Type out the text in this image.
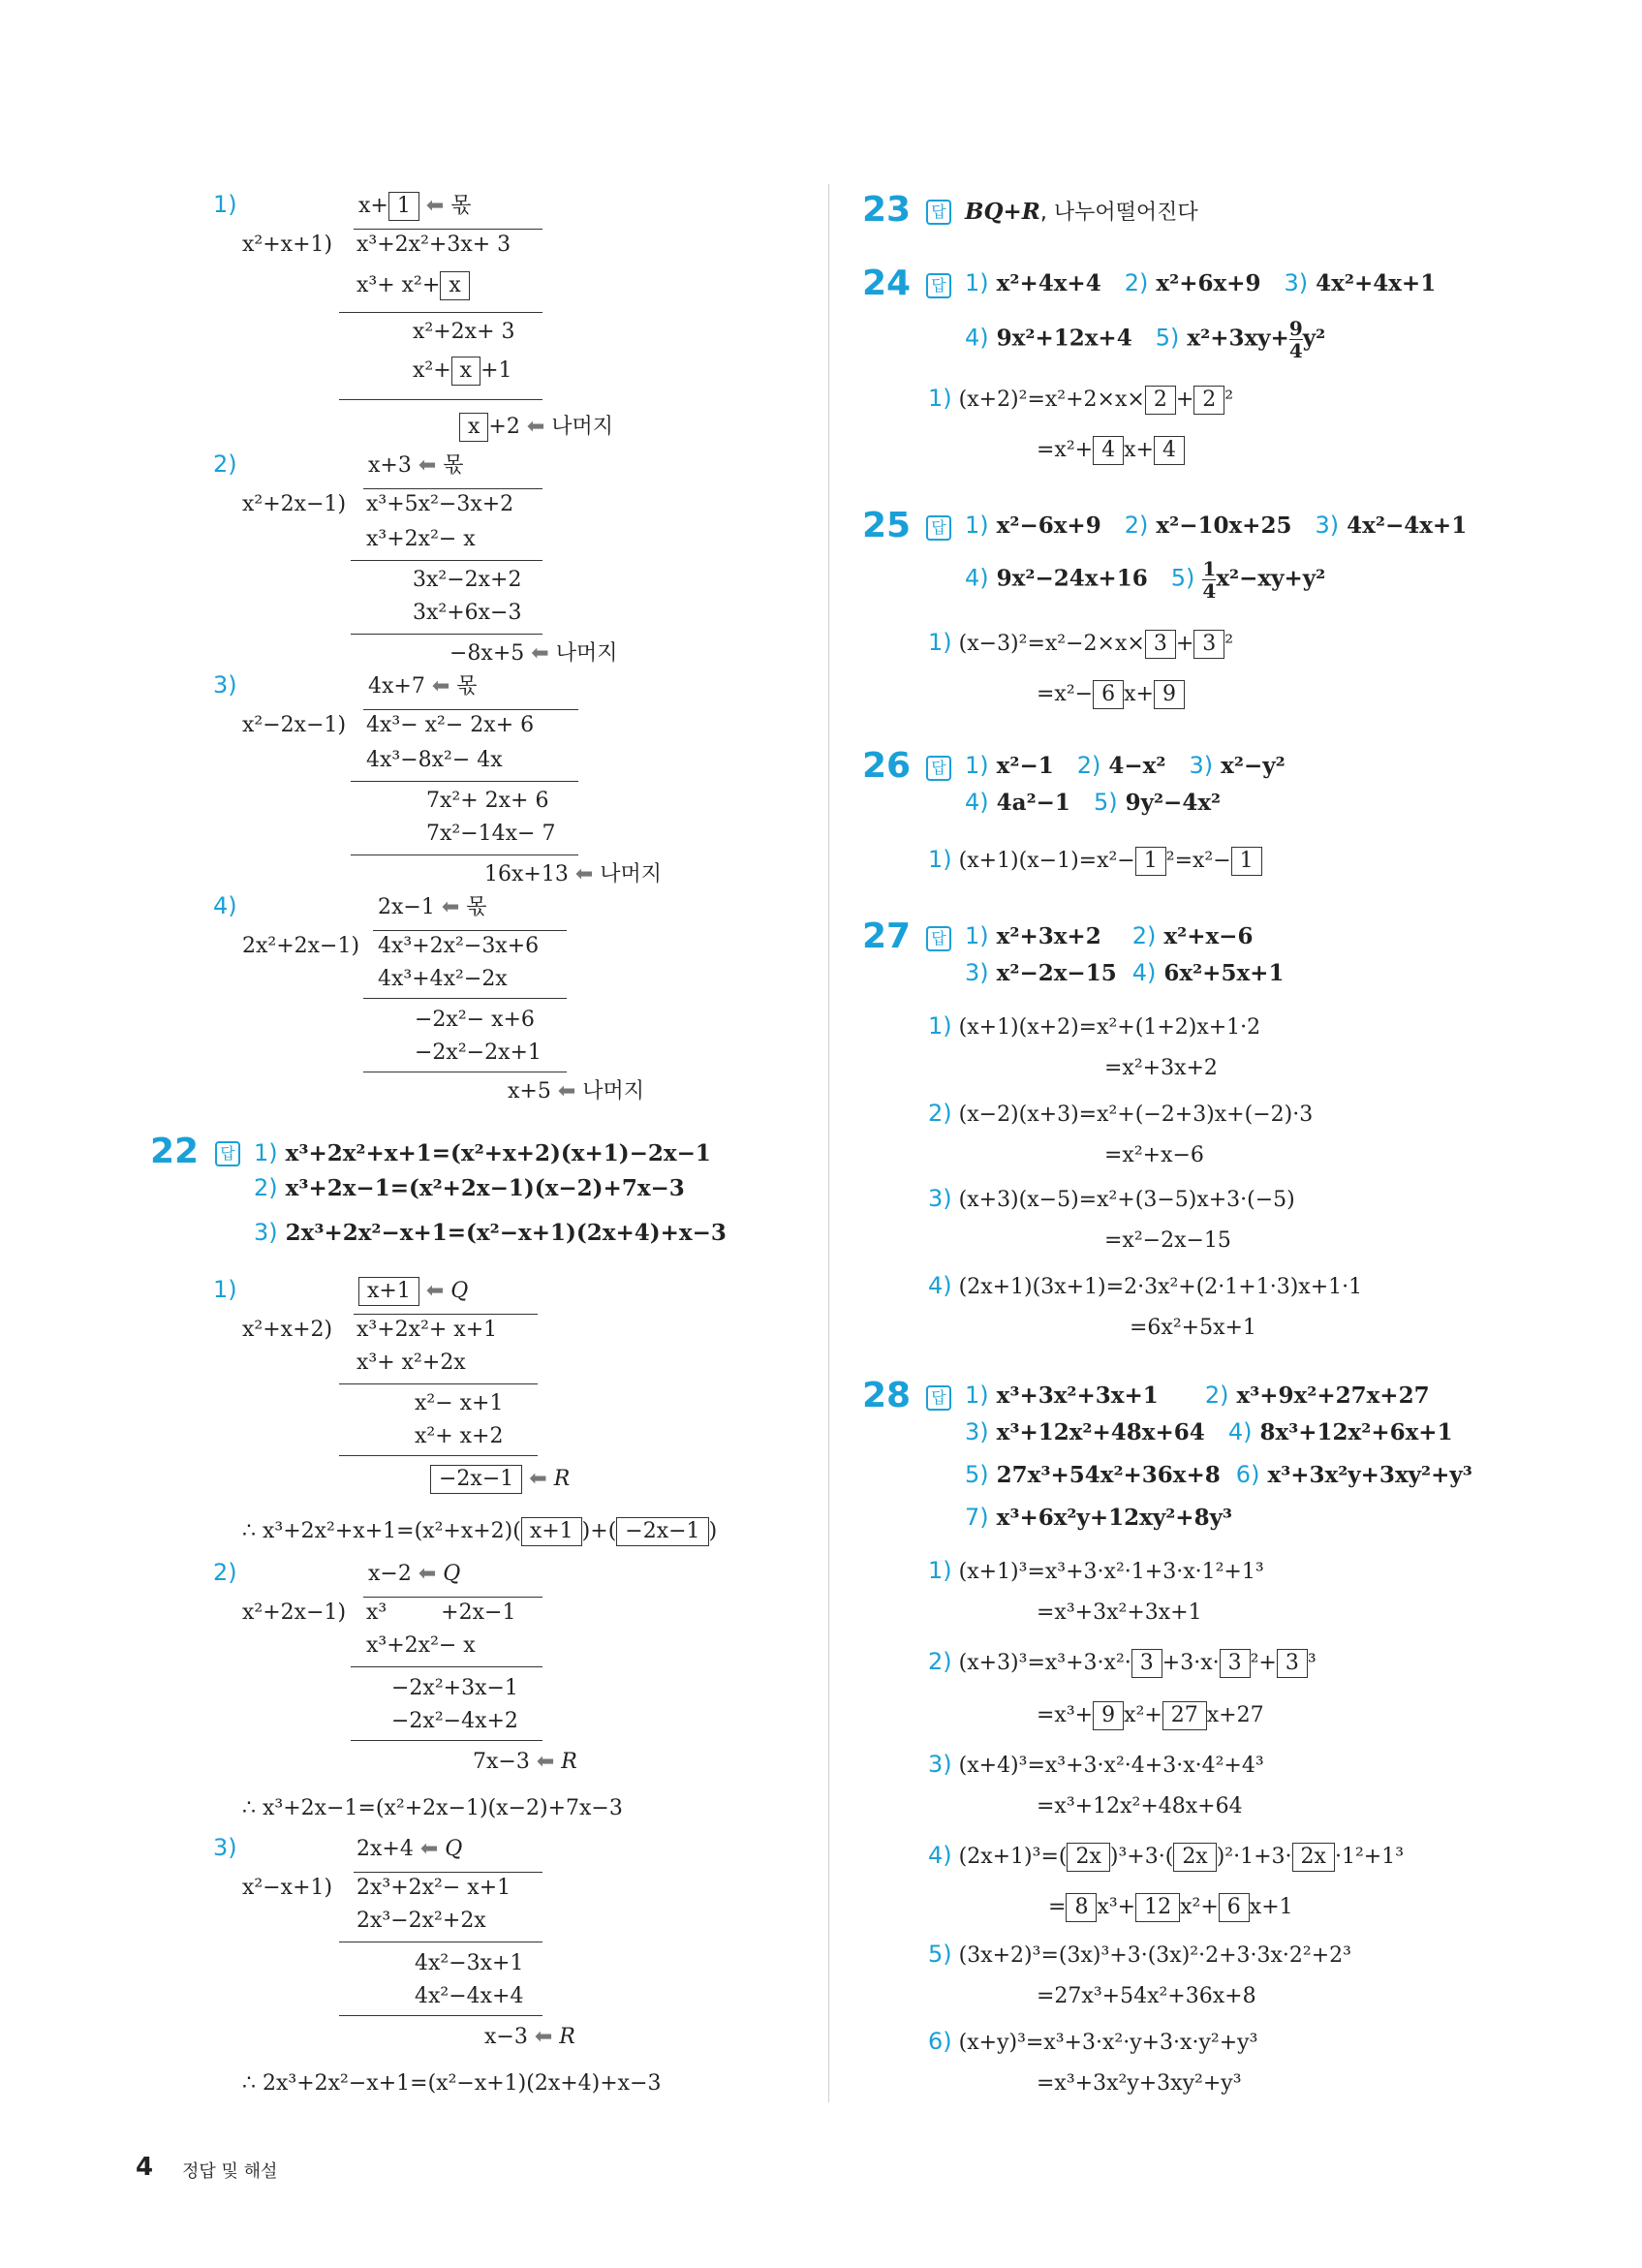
1)	x+ 1 ⬅ 몫
x²+x+1) x³+2x²+3x+ 3
x³+ x²+ x
x²+2x+ 3
x²+ x +1
x +2 ⬅ 나머지
2)	x+3 ⬅ 몫
x²+2x−1) x³+5x²−3x+2
x³+2x²− x
3x²−2x+2
3x²+6x−3
−8x+5 ⬅ 나머지
3)	4x+7 ⬅ 몫
x²−2x−1) 4x³− x²− 2x+ 6
4x³−8x²− 4x
7x²+ 2x+ 6
7x²−14x− 7
16x+13 ⬅ 나머지
4)	2x−1 ⬅ 몫
2x²+2x−1) 4x³+2x²−3x+6
4x³+4x²−2x
−2x²− x+6
−2x²−2x+1
x+5 ⬅ 나머지
22	답 1) x³+2x²+x+1=(x²+x+2)(x+1)−2x−1
2) x³+2x−1=(x²+2x−1)(x−2)+7x−3
3) 2x³+2x²−x+1=(x²−x+1)(2x+4)+x−3
1)	x+1 ⬅ Q
x²+x+2) x³+2x²+ x+1
x³+ x²+2x
x²− x+1
x²+ x+2
−2x−1 ⬅ R
∴ x³+2x²+x+1=(x²+x+2)( x+1 )+( −2x−1 )
2)	x−2 ⬅ Q
x²+2x−1) x³        +2x−1
x³+2x²− x
−2x²+3x−1
−2x²−4x+2
7x−3 ⬅ R
∴ x³+2x−1=(x²+2x−1)(x−2)+7x−3
3)	2x+4 ⬅ Q
x²−x+1) 2x³+2x²− x+1
2x³−2x²+2x
4x²−3x+1
4x²−4x+4
x−3 ⬅ R
∴ 2x³+2x²−x+1=(x²−x+1)(2x+4)+x−3
23	답 BQ+R, 나누어떨어진다
24	답 1) x²+4x+4 2) x²+6x+9 3) 4x²+4x+1
4) 9x²+12x+4 5) $x^2+3xy+ \frac{9}{4} y^2$
1) (x+2)²=x²+2×x× 2 + 2 ²
=x²+ 4 x+ 4
25	답 1) x²−6x+9 2) x²−10x+25 3) 4x²−4x+1
4) 9x²−24x+16 $5) \frac{1}{4} x^2-xy+y^2$
1) (x−3)²=x²−2×x× 3 + 3 ²
=x²− 6 x+ 9
26	답 1) x²−1 2) 4−x² 3) x²−y²
4) 4a²−1 5) 9y²−4x²
1) (x+1)(x−1)=x²− 1 ²=x²− 1
27	답 1) x²+3x+2 2) x²+x−6
3) x²−2x−15 4) 6x²+5x+1
1) (x+1)(x+2)=x²+(1+2)x+1·2
=x²+3x+2
2) (x−2)(x+3)=x²+(−2+3)x+(−2)·3
=x²+x−6
3) (x+3)(x−5)=x²+(3−5)x+3·(−5)
=x²−2x−15
4) (2x+1)(3x+1)=2·3x²+(2·1+1·3)x+1·1
=6x²+5x+1
28	답 1) x³+3x²+3x+1 2) x³+9x²+27x+27
3) x³+12x²+48x+64 4) 8x³+12x²+6x+1
5) 27x³+54x²+36x+8 6) x³+3x²y+3xy²+y³
7) x³+6x²y+12xy²+8y³
1) (x+1)³=x³+3·x²·1+3·x·1²+1³
=x³+3x²+3x+1
2) (x+3)³=x³+3·x²· 3 +3·x· 3 ²+ 3 ³
=x³+ 9 x²+ 27 x+27
3) (x+4)³=x³+3·x²·4+3·x·4²+4³
=x³+12x²+48x+64
4) (2x+1)³=( 2x )³+3·( 2x )²·1+3· 2x ·1²+1³
= 8 x³+ 12 x²+ 6 x+1
5) (3x+2)³=(3x)³+3·(3x)²·2+3·3x·2²+2³
=27x³+54x²+36x+8
6) (x+y)³=x³+3·x²·y+3·x·y²+y³
=x³+3x²y+3xy²+y³
4 정답 및 해설
